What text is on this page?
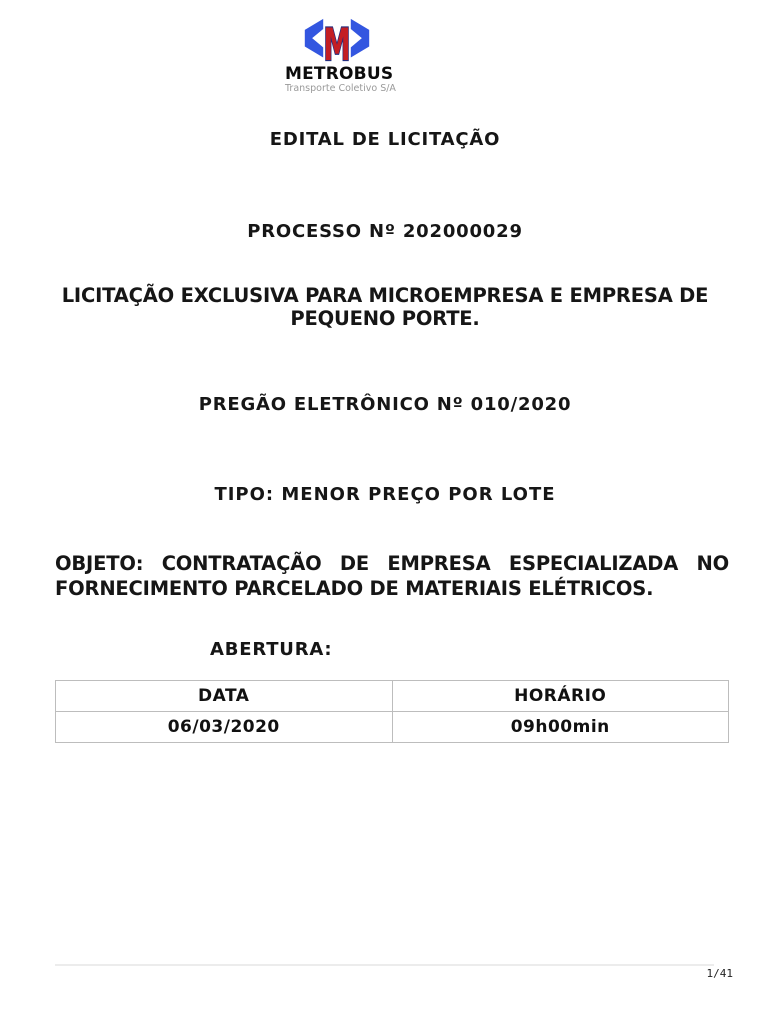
M
METROBUS
Transporte Coletivo S/A
EDITAL DE LICITAÇÃO
PROCESSO Nº 202000029
LICITAÇÃO EXCLUSIVA PARA MICROEMPRESA E EMPRESA DE PEQUENO PORTE.
PREGÃO ELETRÔNICO Nº 010/2020
TIPO: MENOR PREÇO POR LOTE
OBJETO: CONTRATAÇÃO DE EMPRESA ESPECIALIZADA NO
FORNECIMENTO PARCELADO DE MATERIAIS ELÉTRICOS.
ABERTURA:
DATA	HORÁRIO
06/03/2020	09h00min
1/41
